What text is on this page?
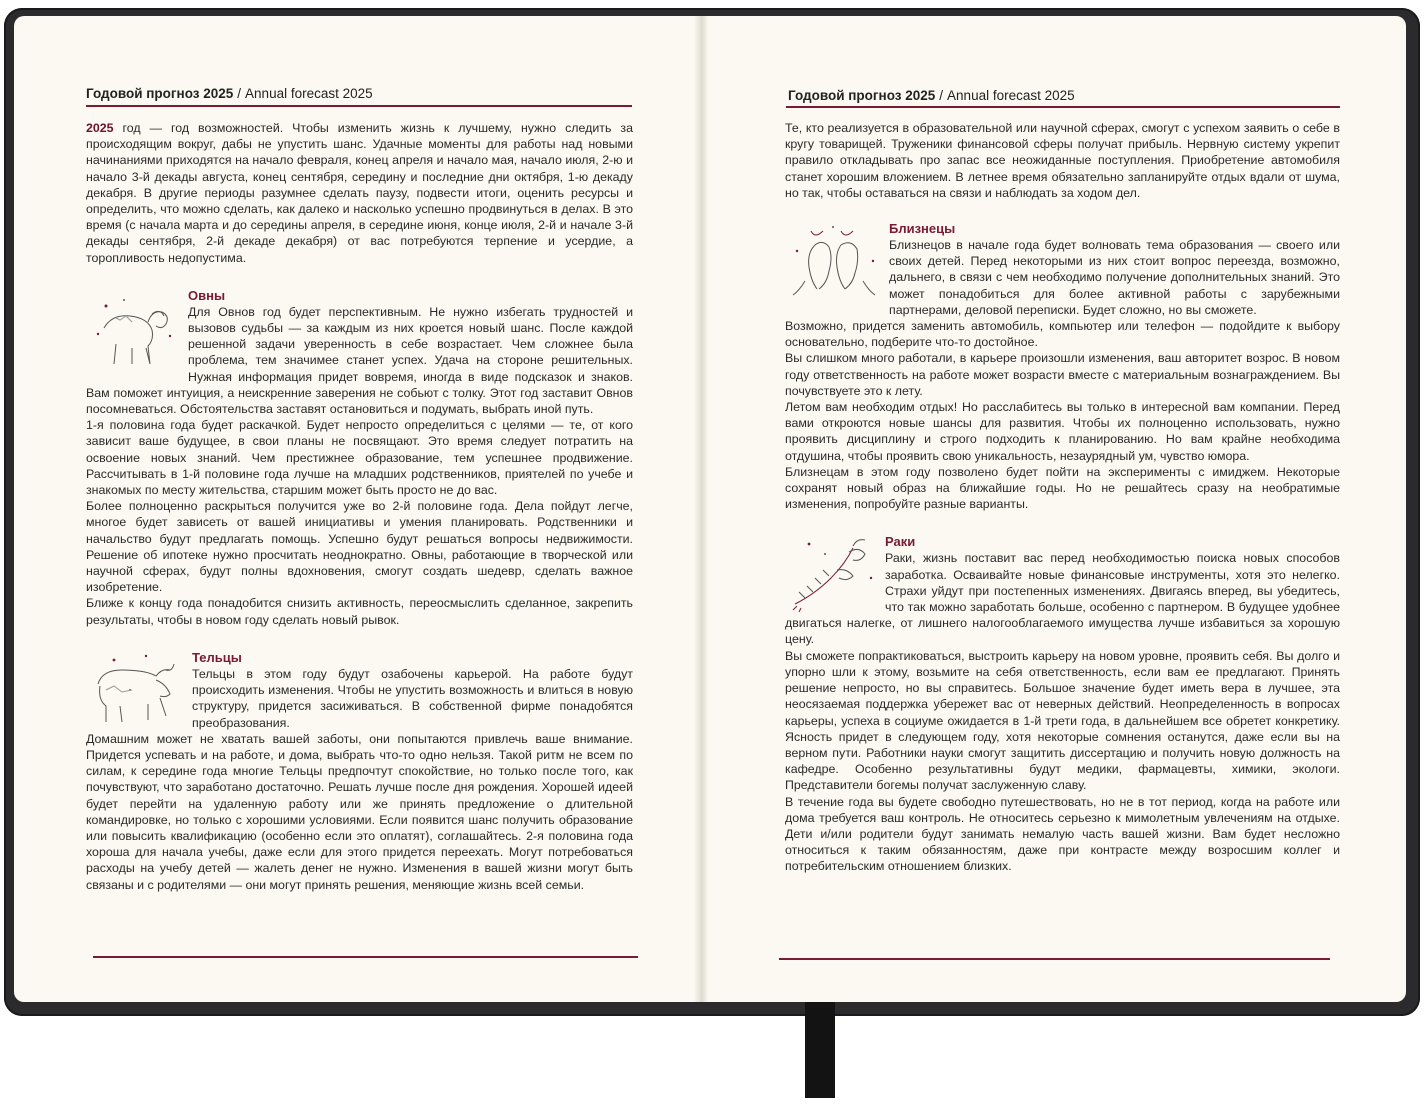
Годовой прогноз 2025 / Annual forecast 2025

2025 год — год возможностей. Чтобы изменить жизнь к лучшему, нужно следить за происходящим вокруг, дабы не упустить шанс. Удачные моменты для работы над новыми начинаниями приходятся на начало февраля, конец апреля и начало мая, начало июля, 2-ю и начало 3-й декады августа, конец сентября, середину и последние дни октября, 1-ю декаду декабря. В другие периоды разумнее сделать паузу, подвести итоги, оценить ресурсы и определить, что можно сделать, как далеко и насколько успешно продвинуться в делах. В это время (с начала марта и до середины апреля, в середине июня, конце июля, 2-й и начале 3-й декады сентября, 2-й декаде декабря) от вас потребуются терпение и усердие, а торопливость недопустима.

Овны

Для Овнов год будет перспективным. Не нужно избегать трудностей и вызовов судьбы — за каждым из них кроется новый шанс. После каждой решенной задачи уверенность в себе возрастает. Чем сложнее была проблема, тем значимее станет успех. Удача на стороне решительных. Нужная информация придет вовремя, иногда в виде подсказок и знаков. Вам поможет интуиция, а неискренние заверения не собьют с толку. Этот год заставит Овнов посомневаться. Обстоятельства заставят остановиться и подумать, выбрать иной путь.

1-я половина года будет раскачкой. Будет непросто определиться с целями — те, от кого зависит ваше будущее, в свои планы не посвящают. Это время следует потратить на освоение новых знаний. Чем престижнее образование, тем успешнее продвижение. Рассчитывать в 1-й половине года лучше на младших родственников, приятелей по учебе и знакомых по месту жительства, старшим может быть просто не до вас.

Более полноценно раскрыться получится уже во 2-й половине года. Дела пойдут легче, многое будет зависеть от вашей инициативы и умения планировать. Родственники и начальство будут предлагать помощь. Успешно будут решаться вопросы недвижимости. Решение об ипотеке нужно просчитать неоднократно. Овны, работающие в творческой или научной сферах, будут полны вдохновения, смогут создать шедевр, сделать важное изобретение.

Ближе к концу года понадобится снизить активность, переосмыслить сделанное, закрепить результаты, чтобы в новом году сделать новый рывок.

Тельцы

Тельцы в этом году будут озабочены карьерой. На работе будут происходить изменения. Чтобы не упустить возможность и влиться в новую структуру, придется засиживаться. В собственной фирме понадобятся преобразования.

Домашним может не хватать вашей заботы, они попытаются привлечь ваше внимание. Придется успевать и на работе, и дома, выбрать что-то одно нельзя. Такой ритм не всем по силам, к середине года многие Тельцы предпочтут спокойствие, но только после того, как почувствуют, что заработано достаточно. Решать лучше после дня рождения. Хорошей идеей будет перейти на удаленную работу или же принять предложение о длительной командировке, но только с хорошими условиями. Если появится шанс получить образование или повысить квалификацию (особенно если это оплатят), соглашайтесь. 2-я половина года хороша для начала учебы, даже если для этого придется переехать. Могут потребоваться расходы на учебу детей — жалеть денег не нужно. Изменения в вашей жизни могут быть связаны и с родителями — они могут принять решения, меняющие жизнь всей семьи.

Годовой прогноз 2025 / Annual forecast 2025

Те, кто реализуется в образовательной или научной сферах, смогут с успехом заявить о себе в кругу товарищей. Труженики финансовой сферы получат прибыль. Нервную систему укрепит правило откладывать про запас все неожиданные поступления. Приобретение автомобиля станет хорошим вложением. В летнее время обязательно запланируйте отдых вдали от шума, но так, чтобы оставаться на связи и наблюдать за ходом дел.

Близнецы

Близнецов в начале года будет волновать тема образования — своего или своих детей. Перед некоторыми из них стоит вопрос переезда, возможно, дальнего, в связи с чем необходимо получение дополнительных знаний. Это может понадобиться для более активной работы с зарубежными партнерами, деловой переписки. Будет сложно, но вы сможете.

Возможно, придется заменить автомобиль, компьютер или телефон — подойдите к выбору основательно, подберите что-то достойное.

Вы слишком много работали, в карьере произошли изменения, ваш авторитет возрос. В новом году ответственность на работе может возрасти вместе с материальным вознаграждением. Вы почувствуете это к лету.

Летом вам необходим отдых! Но расслабитесь вы только в интересной вам компании. Перед вами откроются новые шансы для развития. Чтобы их полноценно использовать, нужно проявить дисциплину и строго подходить к планированию. Но вам крайне необходима отдушина, чтобы проявить свою уникальность, незаурядный ум, чувство юмора.

Близнецам в этом году позволено будет пойти на эксперименты с имиджем. Некоторые сохранят новый образ на ближайшие годы. Но не решайтесь сразу на необратимые изменения, попробуйте разные варианты.

Раки

Раки, жизнь поставит вас перед необходимостью поиска новых способов заработка. Осваивайте новые финансовые инструменты, хотя это нелегко. Страхи уйдут при постепенных изменениях. Двигаясь вперед, вы убедитесь, что так можно заработать больше, особенно с партнером. В будущее удобнее двигаться налегке, от лишнего налогооблагаемого имущества лучше избавиться за хорошую цену.

Вы сможете попрактиковаться, выстроить карьеру на новом уровне, проявить себя. Вы долго и упорно шли к этому, возьмите на себя ответственность, если вам ее предлагают. Принять решение непросто, но вы справитесь. Большое значение будет иметь вера в лучшее, эта неосязаемая поддержка убережет вас от неверных действий. Неопределенность в вопросах карьеры, успеха в социуме ожидается в 1-й трети года, в дальнейшем все обретет конкретику. Ясность придет в следующем году, хотя некоторые сомнения останутся, даже если вы на верном пути. Работники науки смогут защитить диссертацию и получить новую должность на кафедре. Особенно результативны будут медики, фармацевты, химики, экологи. Представители богемы получат заслуженную славу.

В течение года вы будете свободно путешествовать, но не в тот период, когда на работе или дома требуется ваш контроль. Не относитесь серьезно к мимолетным увлечениям на отдыхе. Дети и/или родители будут занимать немалую часть вашей жизни. Вам будет несложно относиться к таким обязанностям, даже при контрасте между возросшим коллег и потребительским отношением близких.
